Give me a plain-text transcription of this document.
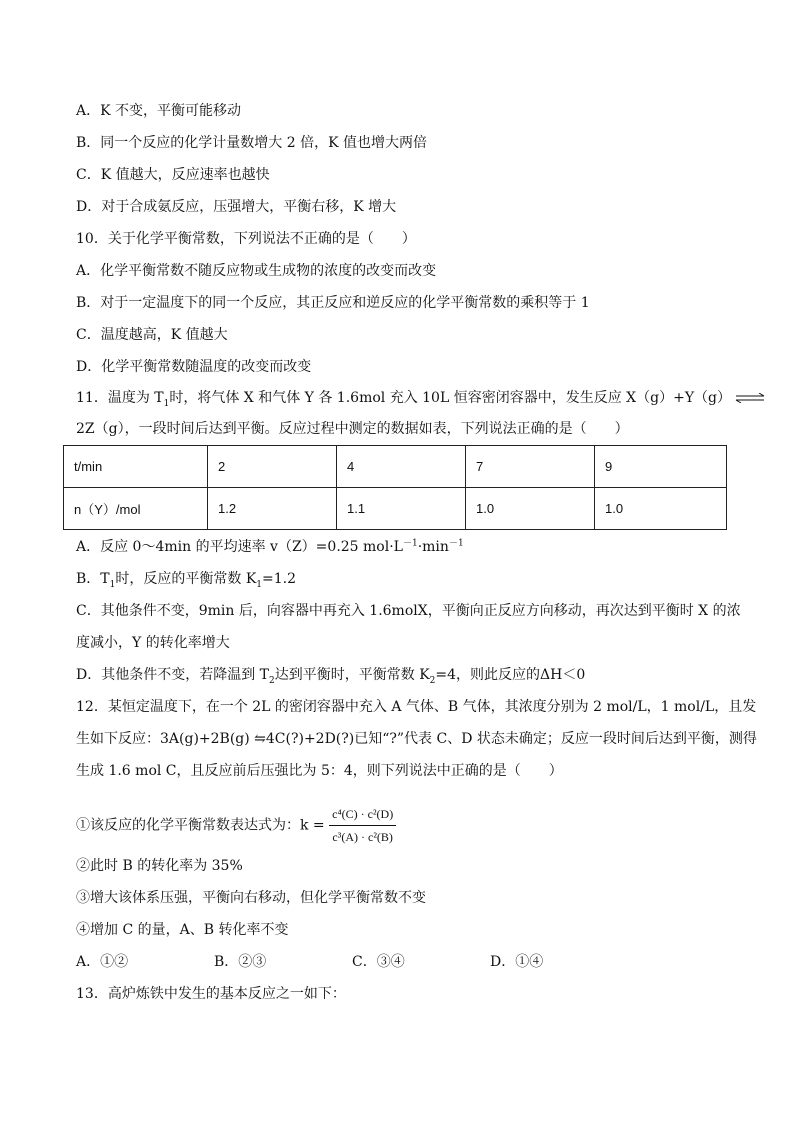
A．K 不变，平衡可能移动
B．同一个反应的化学计量数增大 2 倍，K 值也增大两倍
C．K 值越大，反应速率也越快
D．对于合成氨反应，压强增大，平衡右移，K 增大
10．关于化学平衡常数，下列说法不正确的是（　　）
A．化学平衡常数不随反应物或生成物的浓度的改变而改变
B．对于一定温度下的同一个反应，其正反应和逆反应的化学平衡常数的乘积等于 1
C．温度越高，K 值越大
D．化学平衡常数随温度的改变而改变
11．温度为 $T_1$时，将气体 X 和气体 Y 各 1.6mol 充入 10L 恒容密闭容器中，发生反应 X（g）+Y（g） ⇌
2Z（g），一段时间后达到平衡。反应过程中测定的数据如表，下列说法正确的是（　　）
t/min	2	4	7	9
n（Y）/mol	1.2	1.1	1.0	1.0
A．反应 0～4min 的平均速率 v（Z）=0.25 $mol\cdot L^{-1}\cdot\min^{-1}$
B．$T_1$时，反应的平衡常数 $K_1=1.2$
C．其他条件不变，9min 后，向容器中再充入 1.6molX，平衡向正反应方向移动，再次达到平衡时 X 的浓
度减小，Y 的转化率增大
D．其他条件不变，若降温到 $T_2$达到平衡时，平衡常数 $K_2=4$，则此反应的ΔH＜0
12．某恒定温度下，在一个 2L 的密闭容器中充入 A 气体、B 气体，其浓度分别为 2 mol/L，1 mol/L，且发
生如下反应：3A(g)+2B(g) ⇋4C(?)+2D(?)已知“?”代表 C、D 状态未确定；反应一段时间后达到平衡，测得
生成 1.6 mol C，且反应前后压强比为 5：4，则下列说法中正确的是（　　）
①该反应的化学平衡常数表达式为：$k = \frac{\text{c⁴(C) · c²(D)}}{\text{c³(A) · c²(B)}}$
②此时 B 的转化率为 35%
③增大该体系压强，平衡向右移动，但化学平衡常数不变
④增加 C 的量，A、B 转化率不变
A．①②	B．②③	C．③④	D．①④
13．高炉炼铁中发生的基本反应之一如下：
